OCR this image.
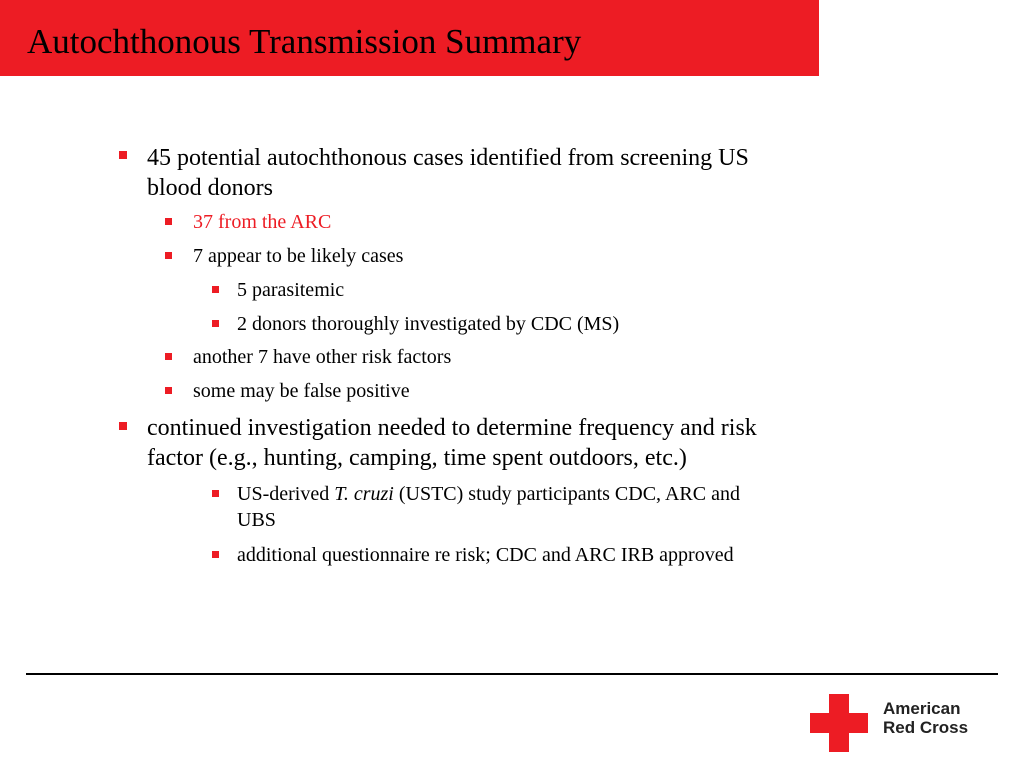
Autochthonous Transmission Summary
45 potential autochthonous cases identified from screening US
blood donors
37 from the ARC
7 appear to be likely cases
5 parasitemic
2 donors thoroughly investigated by CDC (MS)
another 7 have other risk factors
some may be false positive
continued investigation needed to determine frequency and risk
factor (e.g., hunting, camping, time spent outdoors, etc.)
US-derived T. cruzi (USTC) study participants CDC, ARC and
UBS
additional questionnaire re risk; CDC and ARC IRB approved
American
Red Cross
